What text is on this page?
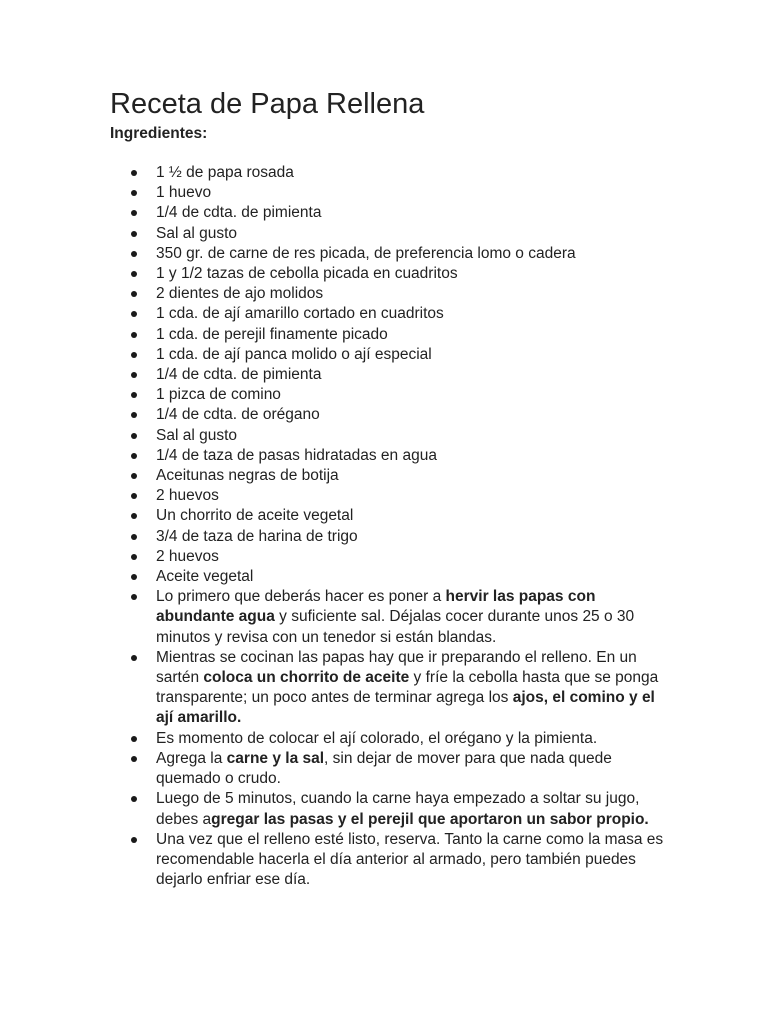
Receta de Papa Rellena

Ingredientes:

1 ½ de papa rosada
1 huevo
1/4 de cdta. de pimienta
Sal al gusto
350 gr. de carne de res picada, de preferencia lomo o cadera
1 y 1/2 tazas de cebolla picada en cuadritos
2 dientes de ajo molidos
1 cda. de ají amarillo cortado en cuadritos
1 cda. de perejil finamente picado
1 cda. de ají panca molido o ají especial
1/4 de cdta. de pimienta
1 pizca de comino
1/4 de cdta. de orégano
Sal al gusto
1/4 de taza de pasas hidratadas en agua
Aceitunas negras de botija
2 huevos
Un chorrito de aceite vegetal
3/4 de taza de harina de trigo
2 huevos
Aceite vegetal
Lo primero que deberás hacer es poner a hervir las papas con abundante agua y suficiente sal. Déjalas cocer durante unos 25 o 30 minutos y revisa con un tenedor si están blandas.
Mientras se cocinan las papas hay que ir preparando el relleno. En un sartén coloca un chorrito de aceite y fríe la cebolla hasta que se ponga transparente; un poco antes de terminar agrega los ajos, el comino y el ají amarillo.
Es momento de colocar el ají colorado, el orégano y la pimienta.
Agrega la carne y la sal, sin dejar de mover para que nada quede quemado o crudo.
Luego de 5 minutos, cuando la carne haya empezado a soltar su jugo, debes agregar las pasas y el perejil que aportaron un sabor propio.
Una vez que el relleno esté listo, reserva. Tanto la carne como la masa es recomendable hacerla el día anterior al armado, pero también puedes dejarlo enfriar ese día.
